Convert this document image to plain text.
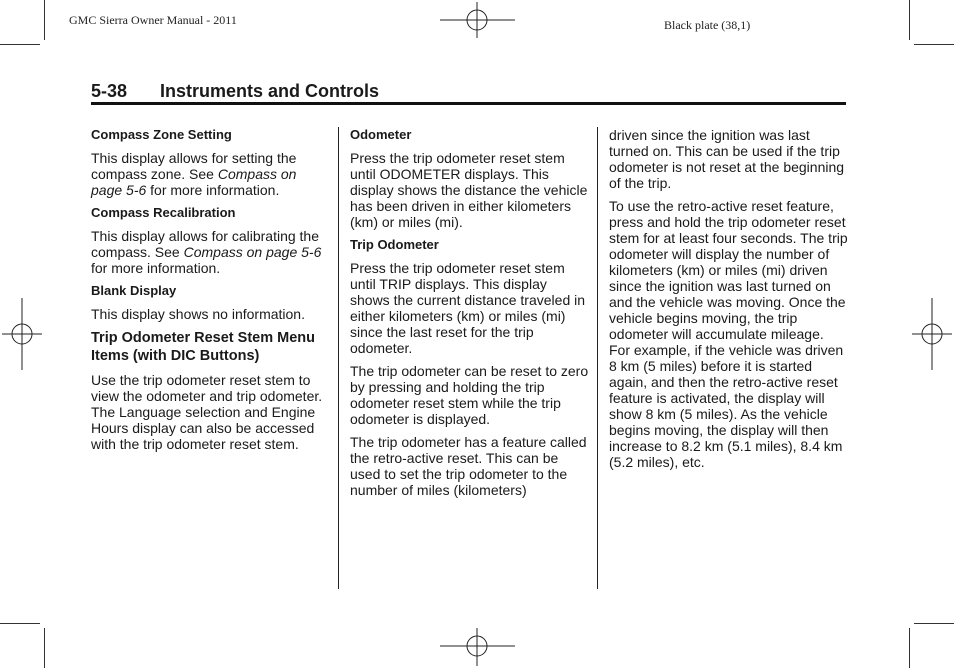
GMC Sierra Owner Manual - 2011	Black plate (38,1)
5-38 Instruments and Controls
Compass Zone Setting

This display allows for setting the compass zone. See Compass on page 5-6 for more information.

Compass Recalibration

This display allows for calibrating the compass. See Compass on page 5-6 for more information.

Blank Display

This display shows no information.

Trip Odometer Reset Stem Menu Items (with DIC Buttons)

Use the trip odometer reset stem to view the odometer and trip odometer. The Language selection and Engine Hours display can also be accessed with the trip odometer reset stem.

Odometer

Press the trip odometer reset stem until ODOMETER displays. This display shows the distance the vehicle has been driven in either kilometers (km) or miles (mi).

Trip Odometer

Press the trip odometer reset stem until TRIP displays. This display shows the current distance traveled in either kilometers (km) or miles (mi) since the last reset for the trip odometer.

The trip odometer can be reset to zero by pressing and holding the trip odometer reset stem while the trip odometer is displayed.

The trip odometer has a feature called the retro-active reset. This can be used to set the trip odometer to the number of miles (kilometers)

driven since the ignition was last turned on. This can be used if the trip odometer is not reset at the beginning of the trip.

To use the retro-active reset feature, press and hold the trip odometer reset stem for at least four seconds. The trip odometer will display the number of kilometers (km) or miles (mi) driven since the ignition was last turned on and the vehicle was moving. Once the vehicle begins moving, the trip odometer will accumulate mileage.

For example, if the vehicle was driven 8 km (5 miles) before it is started again, and then the retro-active reset feature is activated, the display will show 8 km (5 miles). As the vehicle begins moving, the display will then increase to 8.2 km (5.1 miles), 8.4 km (5.2 miles), etc.
